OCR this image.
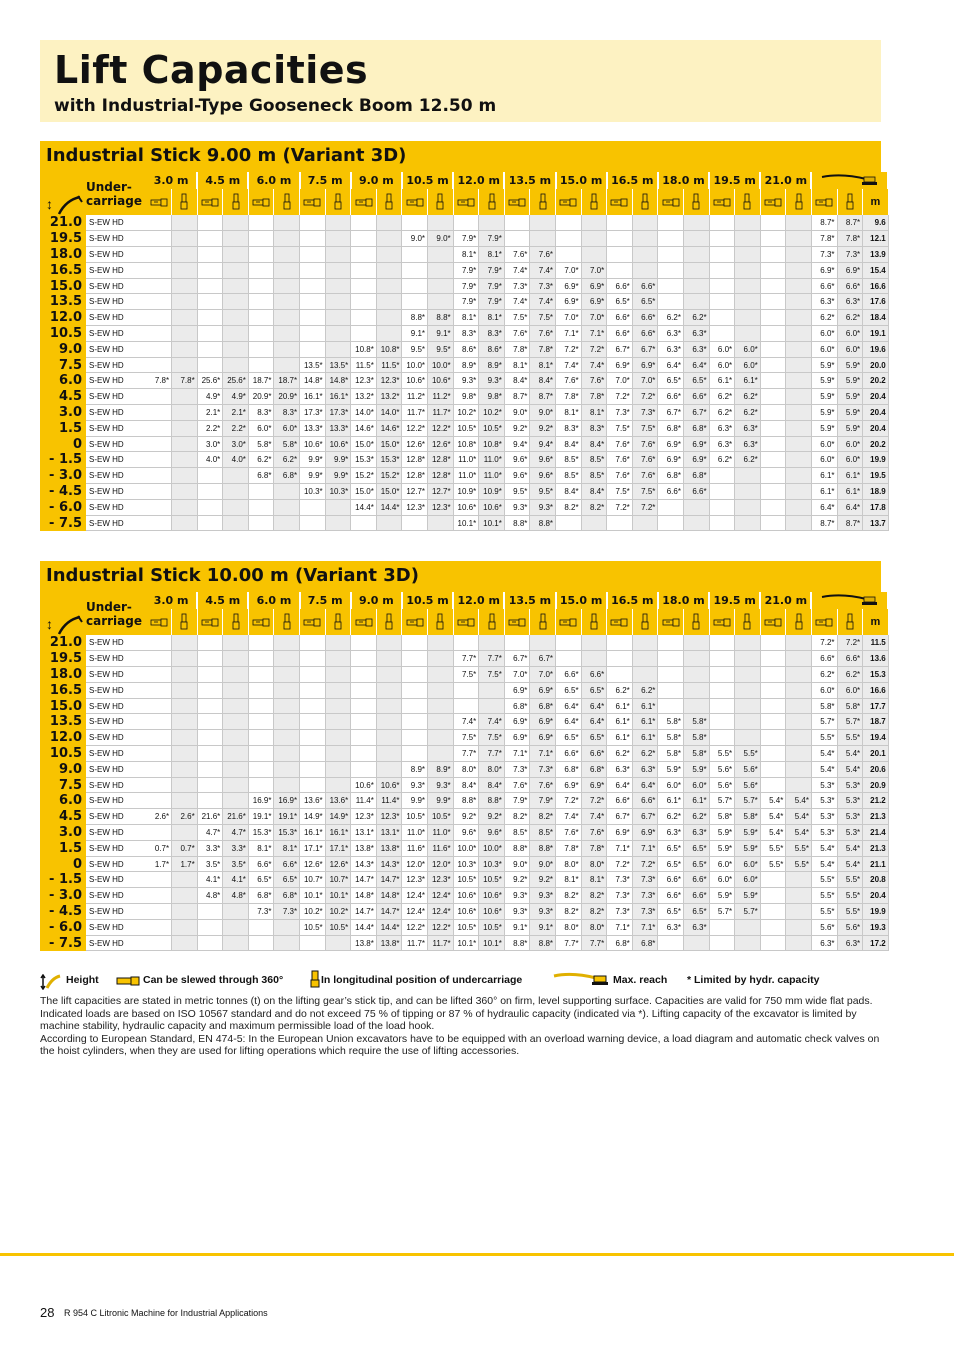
Lift Capacities
with Industrial-Type Gooseneck Boom 12.50 m
Industrial Stick 9.00 m (Variant 3D)
↕	Under-
carriage	3.0 m		4.5 m		6.0 m		7.5 m		9.0 m		10.5 m		12.0 m		13.5 m		15.0 m		16.5 m		18.0 m		19.5 m		21.0 m	
																												m
21.0	S-EW HD																											8.7*	8.7*	9.6
19.5	S-EW HD											9.0*	9.0*	7.9*	7.9*													7.8*	7.8*	12.1
18.0	S-EW HD													8.1*	8.1*	7.6*	7.6*											7.3*	7.3*	13.9
16.5	S-EW HD													7.9*	7.9*	7.4*	7.4*	7.0*	7.0*									6.9*	6.9*	15.4
15.0	S-EW HD													7.9*	7.9*	7.3*	7.3*	6.9*	6.9*	6.6*	6.6*							6.6*	6.6*	16.6
13.5	S-EW HD													7.9*	7.9*	7.4*	7.4*	6.9*	6.9*	6.5*	6.5*							6.3*	6.3*	17.6
12.0	S-EW HD											8.8*	8.8*	8.1*	8.1*	7.5*	7.5*	7.0*	7.0*	6.6*	6.6*	6.2*	6.2*					6.2*	6.2*	18.4
10.5	S-EW HD											9.1*	9.1*	8.3*	8.3*	7.6*	7.6*	7.1*	7.1*	6.6*	6.6*	6.3*	6.3*					6.0*	6.0*	19.1
9.0	S-EW HD									10.8*	10.8*	9.5*	9.5*	8.6*	8.6*	7.8*	7.8*	7.2*	7.2*	6.7*	6.7*	6.3*	6.3*	6.0*	6.0*			6.0*	6.0*	19.6
7.5	S-EW HD							13.5*	13.5*	11.5*	11.5*	10.0*	10.0*	8.9*	8.9*	8.1*	8.1*	7.4*	7.4*	6.9*	6.9*	6.4*	6.4*	6.0*	6.0*			5.9*	5.9*	20.0
6.0	S-EW HD	7.8*	7.8*	25.6*	25.6*	18.7*	18.7*	14.8*	14.8*	12.3*	12.3*	10.6*	10.6*	9.3*	9.3*	8.4*	8.4*	7.6*	7.6*	7.0*	7.0*	6.5*	6.5*	6.1*	6.1*			5.9*	5.9*	20.2
4.5	S-EW HD			4.9*	4.9*	20.9*	20.9*	16.1*	16.1*	13.2*	13.2*	11.2*	11.2*	9.8*	9.8*	8.7*	8.7*	7.8*	7.8*	7.2*	7.2*	6.6*	6.6*	6.2*	6.2*			5.9*	5.9*	20.4
3.0	S-EW HD			2.1*	2.1*	8.3*	8.3*	17.3*	17.3*	14.0*	14.0*	11.7*	11.7*	10.2*	10.2*	9.0*	9.0*	8.1*	8.1*	7.3*	7.3*	6.7*	6.7*	6.2*	6.2*			5.9*	5.9*	20.4
1.5	S-EW HD			2.2*	2.2*	6.0*	6.0*	13.3*	13.3*	14.6*	14.6*	12.2*	12.2*	10.5*	10.5*	9.2*	9.2*	8.3*	8.3*	7.5*	7.5*	6.8*	6.8*	6.3*	6.3*			5.9*	5.9*	20.4
0	S-EW HD			3.0*	3.0*	5.8*	5.8*	10.6*	10.6*	15.0*	15.0*	12.6*	12.6*	10.8*	10.8*	9.4*	9.4*	8.4*	8.4*	7.6*	7.6*	6.9*	6.9*	6.3*	6.3*			6.0*	6.0*	20.2
- 1.5	S-EW HD			4.0*	4.0*	6.2*	6.2*	9.9*	9.9*	15.3*	15.3*	12.8*	12.8*	11.0*	11.0*	9.6*	9.6*	8.5*	8.5*	7.6*	7.6*	6.9*	6.9*	6.2*	6.2*			6.0*	6.0*	19.9
- 3.0	S-EW HD					6.8*	6.8*	9.9*	9.9*	15.2*	15.2*	12.8*	12.8*	11.0*	11.0*	9.6*	9.6*	8.5*	8.5*	7.6*	7.6*	6.8*	6.8*					6.1*	6.1*	19.5
- 4.5	S-EW HD							10.3*	10.3*	15.0*	15.0*	12.7*	12.7*	10.9*	10.9*	9.5*	9.5*	8.4*	8.4*	7.5*	7.5*	6.6*	6.6*					6.1*	6.1*	18.9
- 6.0	S-EW HD									14.4*	14.4*	12.3*	12.3*	10.6*	10.6*	9.3*	9.3*	8.2*	8.2*	7.2*	7.2*							6.4*	6.4*	17.8
- 7.5	S-EW HD													10.1*	10.1*	8.8*	8.8*											8.7*	8.7*	13.7
Industrial Stick 10.00 m (Variant 3D)
↕	Under-
carriage	3.0 m		4.5 m		6.0 m		7.5 m		9.0 m		10.5 m		12.0 m		13.5 m		15.0 m		16.5 m		18.0 m		19.5 m		21.0 m	
																												m
21.0	S-EW HD																											7.2*	7.2*	11.5
19.5	S-EW HD													7.7*	7.7*	6.7*	6.7*											6.6*	6.6*	13.6
18.0	S-EW HD													7.5*	7.5*	7.0*	7.0*	6.6*	6.6*									6.2*	6.2*	15.3
16.5	S-EW HD															6.9*	6.9*	6.5*	6.5*	6.2*	6.2*							6.0*	6.0*	16.6
15.0	S-EW HD															6.8*	6.8*	6.4*	6.4*	6.1*	6.1*							5.8*	5.8*	17.7
13.5	S-EW HD													7.4*	7.4*	6.9*	6.9*	6.4*	6.4*	6.1*	6.1*	5.8*	5.8*					5.7*	5.7*	18.7
12.0	S-EW HD													7.5*	7.5*	6.9*	6.9*	6.5*	6.5*	6.1*	6.1*	5.8*	5.8*					5.5*	5.5*	19.4
10.5	S-EW HD													7.7*	7.7*	7.1*	7.1*	6.6*	6.6*	6.2*	6.2*	5.8*	5.8*	5.5*	5.5*			5.4*	5.4*	20.1
9.0	S-EW HD											8.9*	8.9*	8.0*	8.0*	7.3*	7.3*	6.8*	6.8*	6.3*	6.3*	5.9*	5.9*	5.6*	5.6*			5.4*	5.4*	20.6
7.5	S-EW HD									10.6*	10.6*	9.3*	9.3*	8.4*	8.4*	7.6*	7.6*	6.9*	6.9*	6.4*	6.4*	6.0*	6.0*	5.6*	5.6*			5.3*	5.3*	20.9
6.0	S-EW HD					16.9*	16.9*	13.6*	13.6*	11.4*	11.4*	9.9*	9.9*	8.8*	8.8*	7.9*	7.9*	7.2*	7.2*	6.6*	6.6*	6.1*	6.1*	5.7*	5.7*	5.4*	5.4*	5.3*	5.3*	21.2
4.5	S-EW HD	2.6*	2.6*	21.6*	21.6*	19.1*	19.1*	14.9*	14.9*	12.3*	12.3*	10.5*	10.5*	9.2*	9.2*	8.2*	8.2*	7.4*	7.4*	6.7*	6.7*	6.2*	6.2*	5.8*	5.8*	5.4*	5.4*	5.3*	5.3*	21.3
3.0	S-EW HD			4.7*	4.7*	15.3*	15.3*	16.1*	16.1*	13.1*	13.1*	11.0*	11.0*	9.6*	9.6*	8.5*	8.5*	7.6*	7.6*	6.9*	6.9*	6.3*	6.3*	5.9*	5.9*	5.4*	5.4*	5.3*	5.3*	21.4
1.5	S-EW HD	0.7*	0.7*	3.3*	3.3*	8.1*	8.1*	17.1*	17.1*	13.8*	13.8*	11.6*	11.6*	10.0*	10.0*	8.8*	8.8*	7.8*	7.8*	7.1*	7.1*	6.5*	6.5*	5.9*	5.9*	5.5*	5.5*	5.4*	5.4*	21.3
0	S-EW HD	1.7*	1.7*	3.5*	3.5*	6.6*	6.6*	12.6*	12.6*	14.3*	14.3*	12.0*	12.0*	10.3*	10.3*	9.0*	9.0*	8.0*	8.0*	7.2*	7.2*	6.5*	6.5*	6.0*	6.0*	5.5*	5.5*	5.4*	5.4*	21.1
- 1.5	S-EW HD			4.1*	4.1*	6.5*	6.5*	10.7*	10.7*	14.7*	14.7*	12.3*	12.3*	10.5*	10.5*	9.2*	9.2*	8.1*	8.1*	7.3*	7.3*	6.6*	6.6*	6.0*	6.0*			5.5*	5.5*	20.8
- 3.0	S-EW HD			4.8*	4.8*	6.8*	6.8*	10.1*	10.1*	14.8*	14.8*	12.4*	12.4*	10.6*	10.6*	9.3*	9.3*	8.2*	8.2*	7.3*	7.3*	6.6*	6.6*	5.9*	5.9*			5.5*	5.5*	20.4
- 4.5	S-EW HD					7.3*	7.3*	10.2*	10.2*	14.7*	14.7*	12.4*	12.4*	10.6*	10.6*	9.3*	9.3*	8.2*	8.2*	7.3*	7.3*	6.5*	6.5*	5.7*	5.7*			5.5*	5.5*	19.9
- 6.0	S-EW HD							10.5*	10.5*	14.4*	14.4*	12.2*	12.2*	10.5*	10.5*	9.1*	9.1*	8.0*	8.0*	7.1*	7.1*	6.3*	6.3*					5.6*	5.6*	19.3
- 7.5	S-EW HD									13.8*	13.8*	11.7*	11.7*	10.1*	10.1*	8.8*	8.8*	7.7*	7.7*	6.8*	6.8*							6.3*	6.3*	17.2
Height	Can be slewed through 360°	In longitudinal position of undercarriage	Max. reach * Limited by hydr. capacity

The lift capacities are stated in metric tonnes (t) on the lifting gear’s stick tip, and can be lifted 360° on firm, level supporting surface. Capacities are valid for 750 mm wide flat pads. Indicated loads are based on ISO 10567 standard and do not exceed 75 % of tipping or 87 % of hydraulic capacity (indicated via *). Lifting capacity of the excavator is limited by machine stability, hydraulic capacity and maximum permissible load of the load hook.

According to European Standard, EN 474-5: In the European Union excavators have to be equipped with an overload warning device, a load diagram and automatic check valves on the hoist cylinders, when they are used for lifting operations which require the use of lifting accessories.

28 R 954 C Litronic Machine for Industrial Applications
